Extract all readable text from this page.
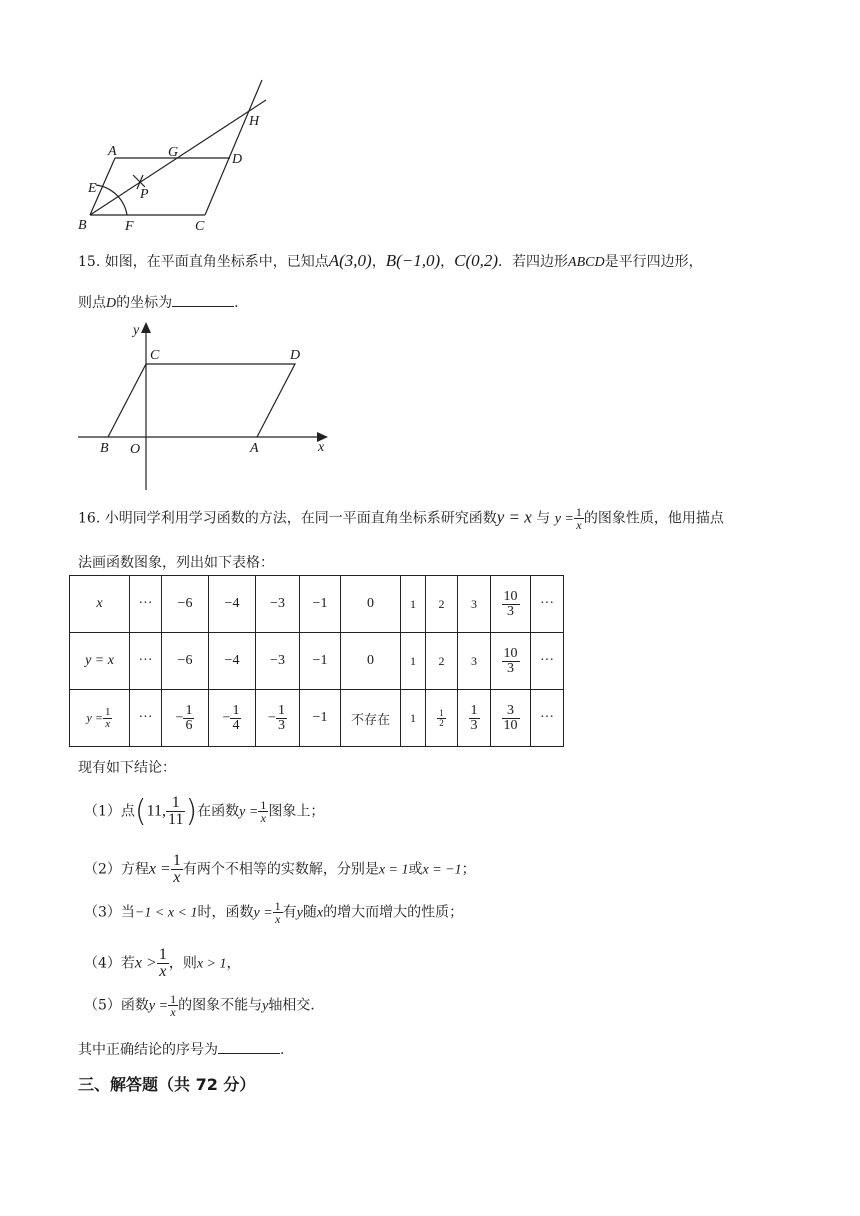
A	G	D
H
E	P
B	F	C
15. 如图，在平面直角坐标系中，已知点A(3,0)，B(−1,0)，C(0,2)．若四边形ABCD是平行四边形，
则点D的坐标为	.
y
C	D
B O	A	x
16. 小明同学利用学习函数的方法，在同一平面直角坐标系研究函数y = x 与 $y = \frac{1}{x}$ 的图象性质，他用描点
法画函数图象，列出如下表格：
x	···	−6	−4	−3	−1	0	1	2	3	$\frac{10}{3}$	···
y = x	···	−6	−4	−3	−1	0	1	2	3	$\frac{10}{3}$	···
$y = \frac{1}{x}$	···	− $\frac{1}{6}$	− $\frac{1}{4}$	− $\frac{1}{3}$	−1	不存在	1	$\frac{1}{2}$	$\frac{1}{3}$	$\frac{3}{10}$	···
现有如下结论：
（1）点(11, $\frac{1}{11}$ )在函数$y = \frac{1}{x}$ 图象上；
（2）方程$x = \frac{1}{x}$ 有两个不相等的实数解，分别是x = 1或x = −1；
（3）当−1 < x < 1时，函数$y = \frac{1}{x}$ 有y随x的增大而增大的性质；
（4）若$x > \frac{1}{x}$ ，则x > 1，
（5）函数$y = \frac{1}{x}$ 的图象不能与y轴相交.
其中正确结论的序号为	.
三、解答题（共 72 分）
